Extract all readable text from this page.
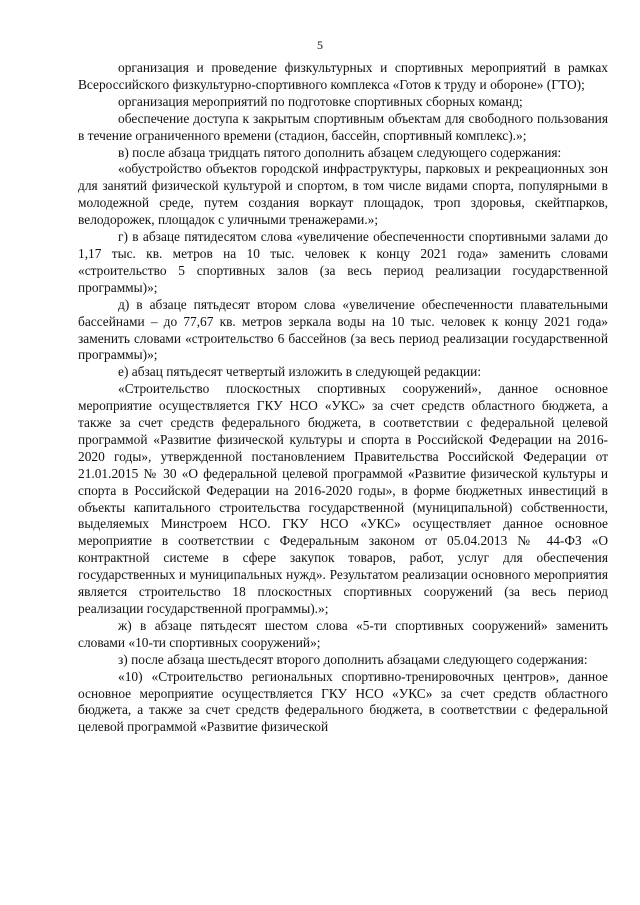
5

организация и проведение физкультурных и спортивных мероприятий в рамках Всероссийского физкультурно-спортивного комплекса «Готов к труду и обороне» (ГТО);

организация мероприятий по подготовке спортивных сборных команд;

обеспечение доступа к закрытым спортивным объектам для свободного пользования в течение ограниченного времени (стадион, бассейн, спортивный комплекс).»;

в) после абзаца тридцать пятого дополнить абзацем следующего содержания:

«обустройство объектов городской инфраструктуры, парковых и рекреационных зон для занятий физической культурой и спортом, в том числе видами спорта, популярными в молодежной среде, путем создания воркаут площадок, троп здоровья, скейтпарков, велодорожек, площадок с уличными тренажерами.»;

г) в абзаце пятидесятом слова «увеличение обеспеченности спортивными залами до 1,17 тыс. кв. метров на 10 тыс. человек к концу 2021 года» заменить словами «строительство 5 спортивных залов (за весь период реализации государственной программы)»;

д) в абзаце пятьдесят втором слова «увеличение обеспеченности плавательными бассейнами – до 77,67 кв. метров зеркала воды на 10 тыс. человек к концу 2021 года» заменить словами «строительство 6 бассейнов (за весь период реализации государственной программы)»;

е) абзац пятьдесят четвертый изложить в следующей редакции:

«Строительство плоскостных спортивных сооружений», данное основное мероприятие осуществляется ГКУ НСО «УКС» за счет средств областного бюджета, а также за счет средств федерального бюджета, в соответствии с федеральной целевой программой «Развитие физической культуры и спорта в Российской Федерации на 2016-2020 годы», утвержденной постановлением Правительства Российской Федерации от 21.01.2015 № 30 «О федеральной целевой программой «Развитие физической культуры и спорта в Российской Федерации на 2016-2020 годы», в форме бюджетных инвестиций в объекты капитального строительства государственной (муниципальной) собственности, выделяемых Минстроем НСО. ГКУ НСО «УКС» осуществляет данное основное мероприятие в соответствии с Федеральным законом от 05.04.2013 № 44-ФЗ «О контрактной системе в сфере закупок товаров, работ, услуг для обеспечения государственных и муниципальных нужд». Результатом реализации основного мероприятия является строительство 18 плоскостных спортивных сооружений (за весь период реализации государственной программы).»;

ж) в абзаце пятьдесят шестом слова «5-ти спортивных сооружений» заменить словами «10-ти спортивных сооружений»;

з) после абзаца шестьдесят второго дополнить абзацами следующего содержания:

«10) «Строительство региональных спортивно-тренировочных центров», данное основное мероприятие осуществляется ГКУ НСО «УКС» за счет средств областного бюджета, а также за счет средств федерального бюджета, в соответствии с федеральной целевой программой «Развитие физической
